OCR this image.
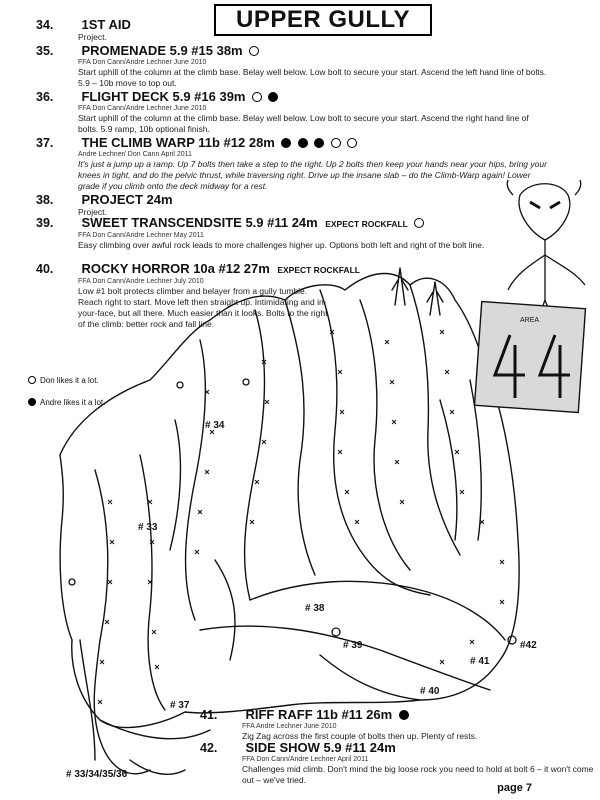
UPPER GULLY
34. 1ST AID
Project.
35. PROMENADE 5.9 #15 38m
FFA Don Cann/Andre Lechner June 2010
Start uphill of the column at the climb base. Belay well below. Low bolt to secure your start. Ascend the left hand line of bolts. 5.9 – 10b move to top out.
36. FLIGHT DECK 5.9 #16 39m
FFA Don Cann/Andre Lechner June 2010
Start uphill of the column at the climb base. Belay well below. Low bolt to secure your start. Ascend the right hand line of bolts. 5.9 ramp, 10b optional finish.
37. THE CLIMB WARP 11b #12 28m
Andre Lechner/ Don Cann April 2011
It's just a jump up a ramp. Up 7 bolts then take a step to the right. Up 2 bolts then keep your hands near your hips, bring your knees in tight, and do the pelvic thrust, while traversing right. Drive up the insane slab – do the Climb-Warp again! Lower grade if you climb onto the deck midway for a rest.
38. PROJECT 24m
Project.
39. SWEET TRANSCENDSITE 5.9 #11 24m EXPECT ROCKFALL
FFA Don Cann/Andre Lechner May 2011
Easy climbing over awful rock leads to more challenges higher up. Options both left and right of the bolt line.
40. ROCKY HORROR 10a #12 27m EXPECT ROCKFALL
FFA Don Cann/Andre Lechner July 2010
Low #1 bolt protects climber and belayer from a gully tumble. Reach right to start. Move left then straight up. Intimidating and in-your-face, but all there. Much easier than it looks. Bolts to the right of the climb: better rock and fall line.
Don likes it a lot.
Andre likes it a lot.
AREA
# 34
# 33
# 37
# 38
# 39
# 40
# 41
#42
41. RIFF RAFF 11b #11 26m
FFA Andre Lechner June 2010
Zig Zag across the first couple of bolts then up. Plenty of rests.
42. SIDE SHOW 5.9 #11 24m
FFA Don Cann/Andre Lechner April 2011
Challenges mid climb. Don't mind the big loose rock you need to hold at bolt 6 – it won't come out – we've tried.
# 33/34/35/36
page 7
